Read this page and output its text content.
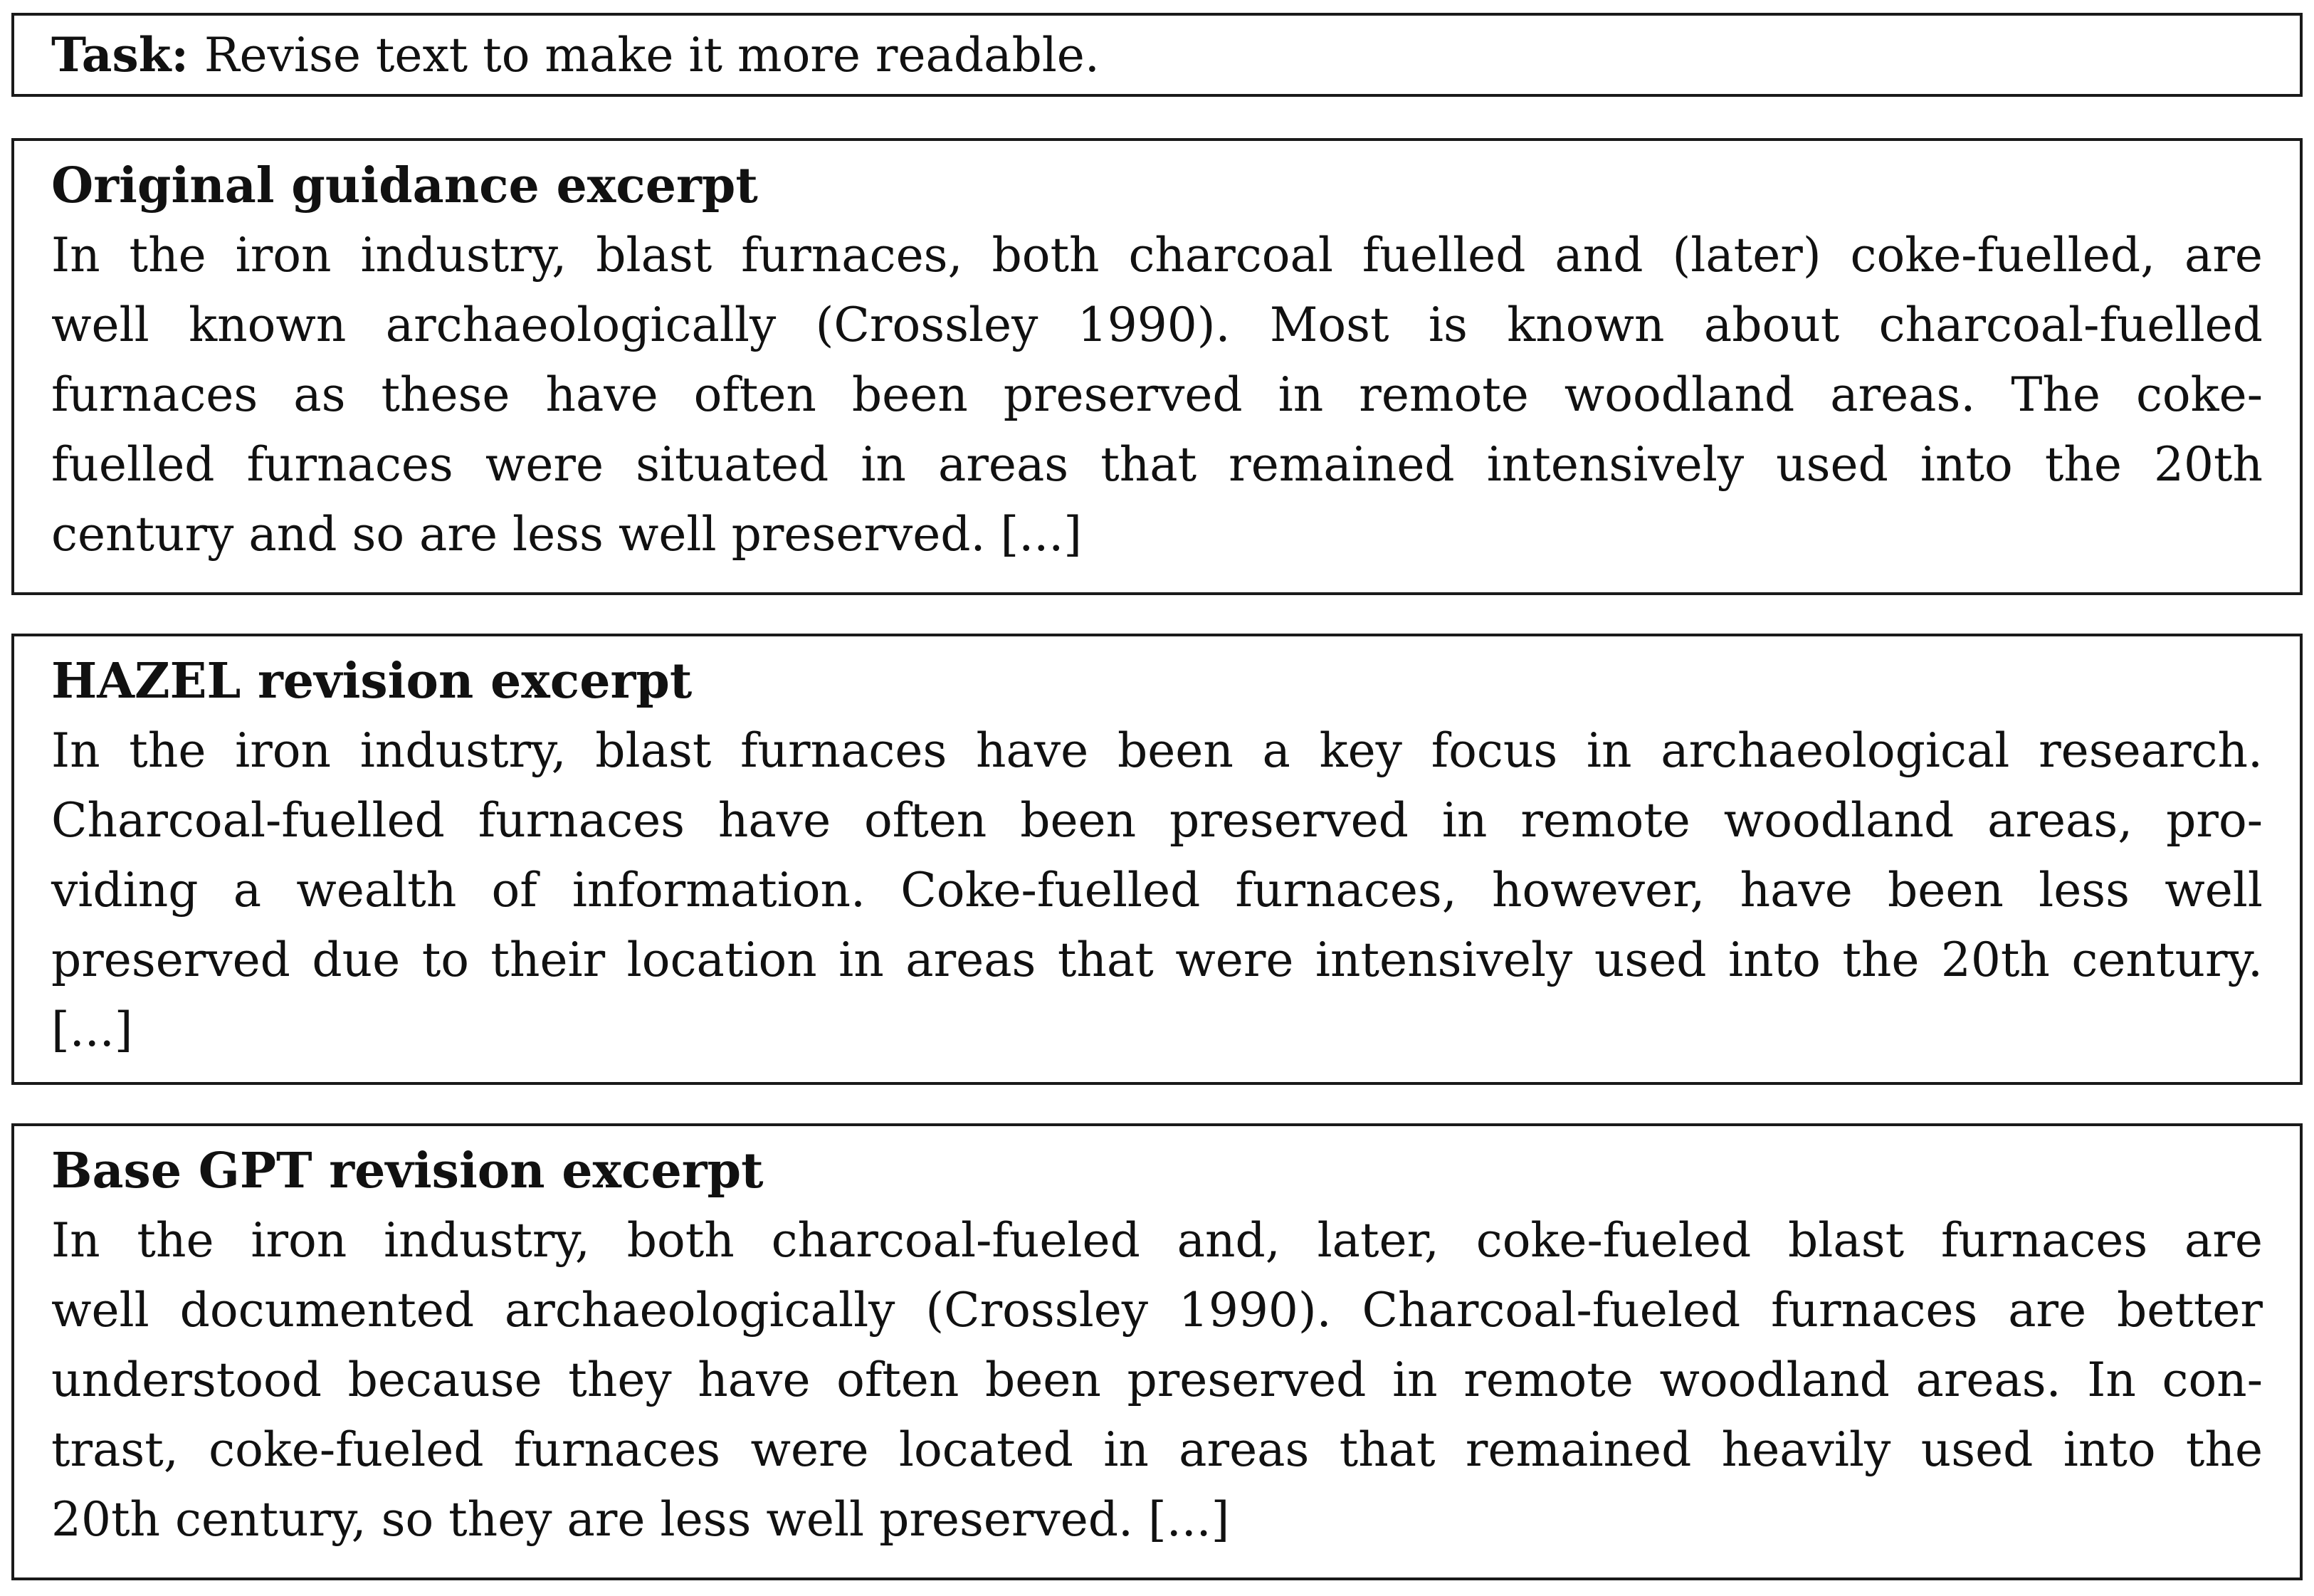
Task: Revise text to make it more readable.
Original guidance excerpt
In the iron industry, blast furnaces, both charcoal fuelled and (later) coke-fuelled, are
well known archaeologically (Crossley 1990). Most is known about charcoal-fuelled
furnaces as these have often been preserved in remote woodland areas. The coke-
fuelled furnaces were situated in areas that remained intensively used into the 20th
century and so are less well preserved. [...]
HAZEL revision excerpt
In the iron industry, blast furnaces have been a key focus in archaeological research.
Charcoal-fuelled furnaces have often been preserved in remote woodland areas, pro-
viding a wealth of information. Coke-fuelled furnaces, however, have been less well
preserved due to their location in areas that were intensively used into the 20th century.
[...]
Base GPT revision excerpt
In the iron industry, both charcoal-fueled and, later, coke-fueled blast furnaces are
well documented archaeologically (Crossley 1990). Charcoal-fueled furnaces are better
understood because they have often been preserved in remote woodland areas. In con-
trast, coke-fueled furnaces were located in areas that remained heavily used into the
20th century, so they are less well preserved. [...]
